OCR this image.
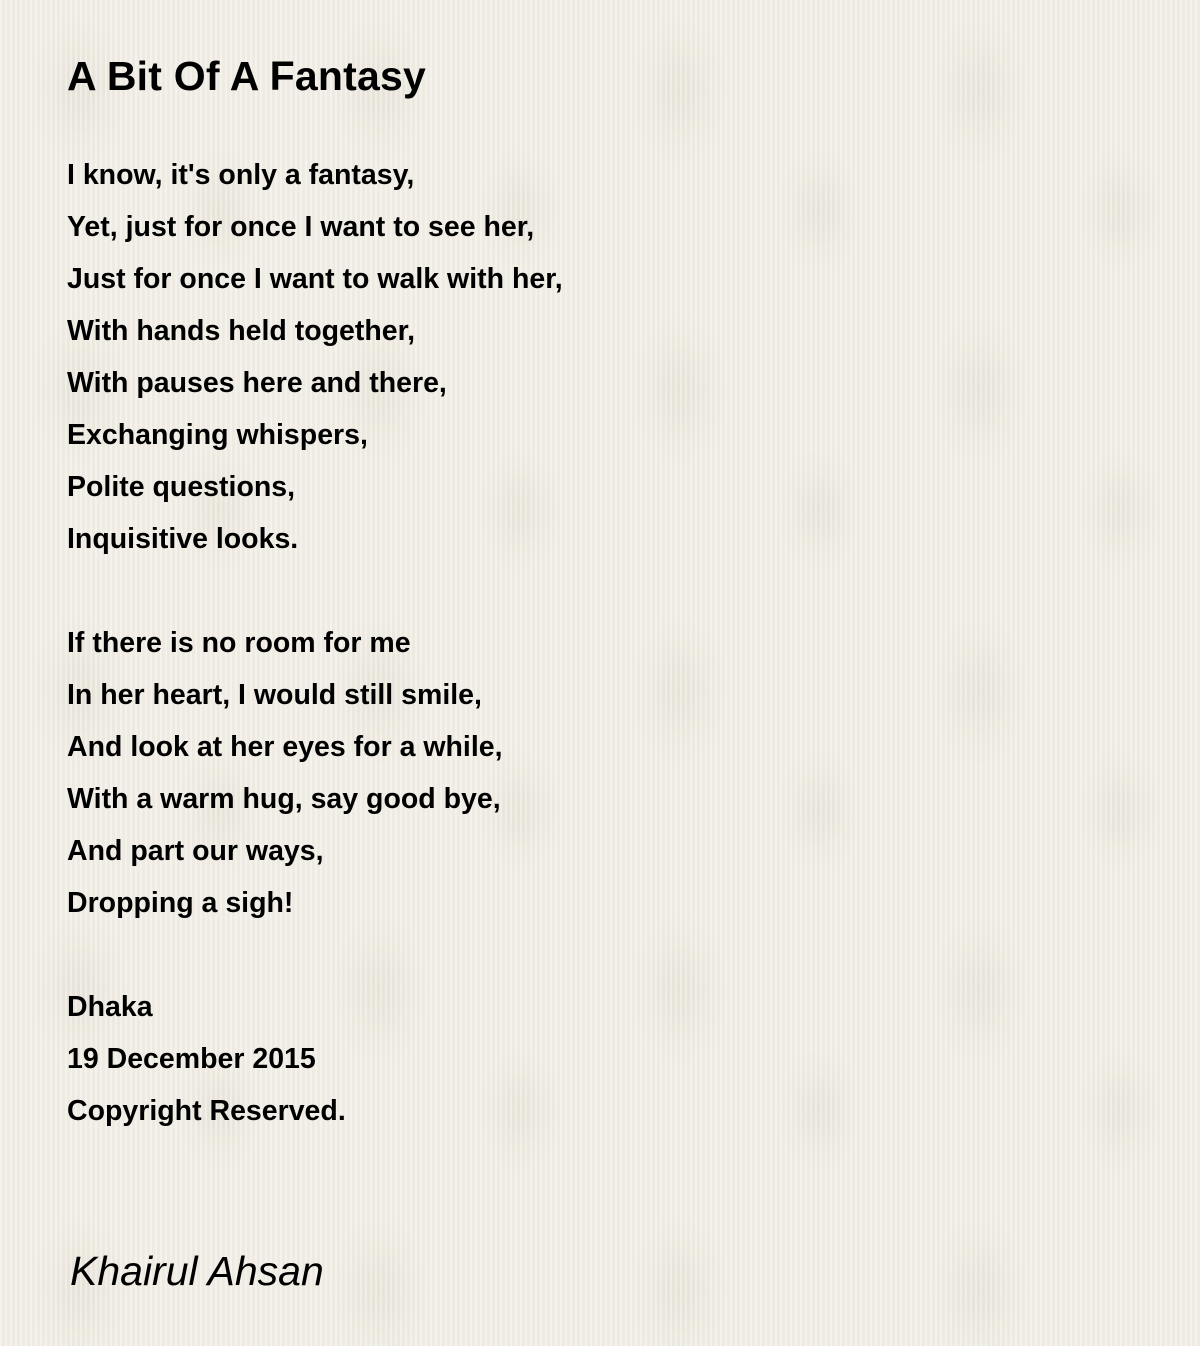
A Bit Of A Fantasy
I know, it's only a fantasy,
Yet, just for once I want to see her,
Just for once I want to walk with her,
With hands held together,
With pauses here and there,
Exchanging whispers,
Polite questions,
Inquisitive looks.
If there is no room for me
In her heart, I would still smile,
And look at her eyes for a while,
With a warm hug, say good bye,
And part our ways,
Dropping a sigh!
Dhaka
19 December 2015
Copyright Reserved.

Khairul Ahsan
